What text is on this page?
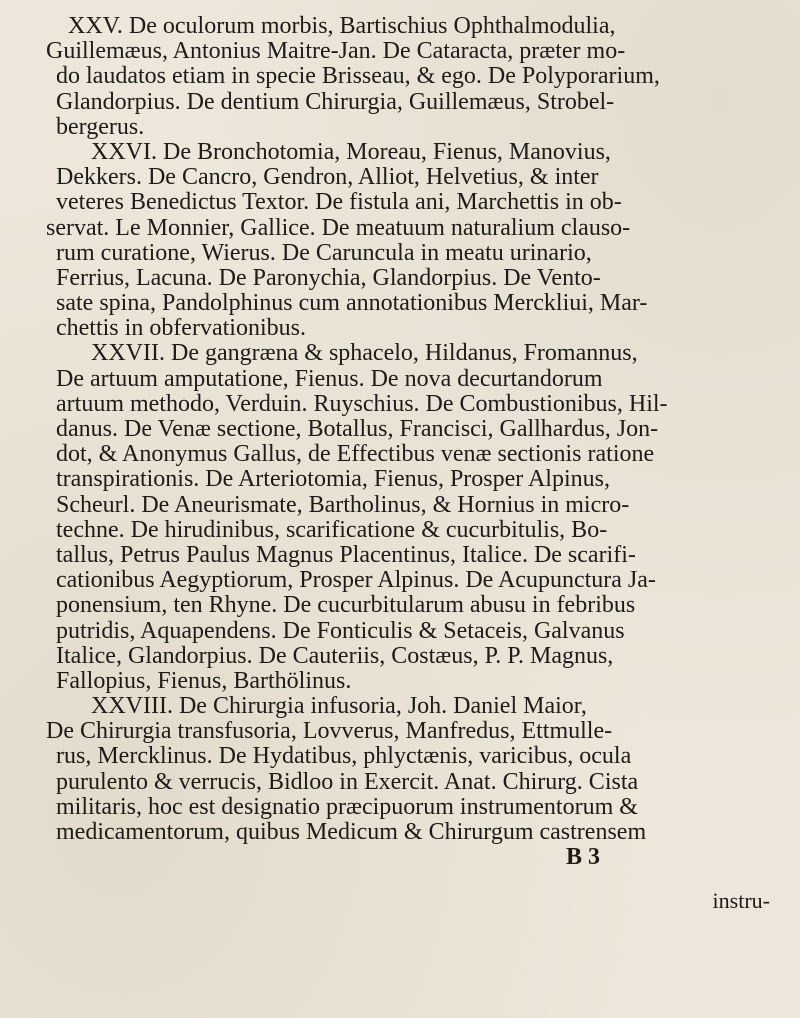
XXV. De oculorum morbis, Bartischius Ophthalmodulia,
Guillemæus, Antonius Maitre-Jan. De Cataracta, præter mo-
do laudatos etiam in specie Brisseau, & ego. De Polyporarium,
Glandorpius. De dentium Chirurgia, Guillemæus, Strobel-
bergerus.
XXVI. De Bronchotomia, Moreau, Fienus, Manovius,
Dekkers. De Cancro, Gendron, Alliot, Helvetius, & inter
veteres Benedictus Textor. De fistula ani, Marchettis in ob-
servat. Le Monnier, Gallice. De meatuum naturalium clauso-
rum curatione, Wierus. De Caruncula in meatu urinario,
Ferrius, Lacuna. De Paronychia, Glandorpius. De Vento-
sate spina, Pandolphinus cum annotationibus Merckliui, Mar-
chettis in obfervationibus.
XXVII. De gangræna & sphacelo, Hildanus, Fromannus,
De artuum amputatione, Fienus. De nova decurtandorum
artuum methodo, Verduin. Ruyschius. De Combustionibus, Hil-
danus. De Venæ sectione, Botallus, Francisci, Gallhardus, Jon-
dot, & Anonymus Gallus, de Effectibus venæ sectionis ratione
transpirationis. De Arteriotomia, Fienus, Prosper Alpinus,
Scheurl. De Aneurismate, Bartholinus, & Hornius in micro-
techne. De hirudinibus, scarificatione & cucurbitulis, Bo-
tallus, Petrus Paulus Magnus Placentinus, Italice. De scarifi-
cationibus Aegyptiorum, Prosper Alpinus. De Acupunctura Ja-
ponensium, ten Rhyne. De cucurbitularum abusu in febribus
putridis, Aquapendens. De Fonticulis & Setaceis, Galvanus
Italice, Glandorpius. De Cauteriis, Costæus, P. P. Magnus,
Fallopius, Fienus, Barthölinus.
XXVIII. De Chirurgia infusoria, Joh. Daniel Maior,
De Chirurgia transfusoria, Lovverus, Manfredus, Ettmulle-
rus, Mercklinus. De Hydatibus, phlyctænis, varicibus, ocula
purulento & verrucis, Bidloo in Exercit. Anat. Chirurg. Cista
militaris, hoc est designatio præcipuorum instrumentorum &
medicamentorum, quibus Medicum & Chirurgum castrensem
B 3
instru-
